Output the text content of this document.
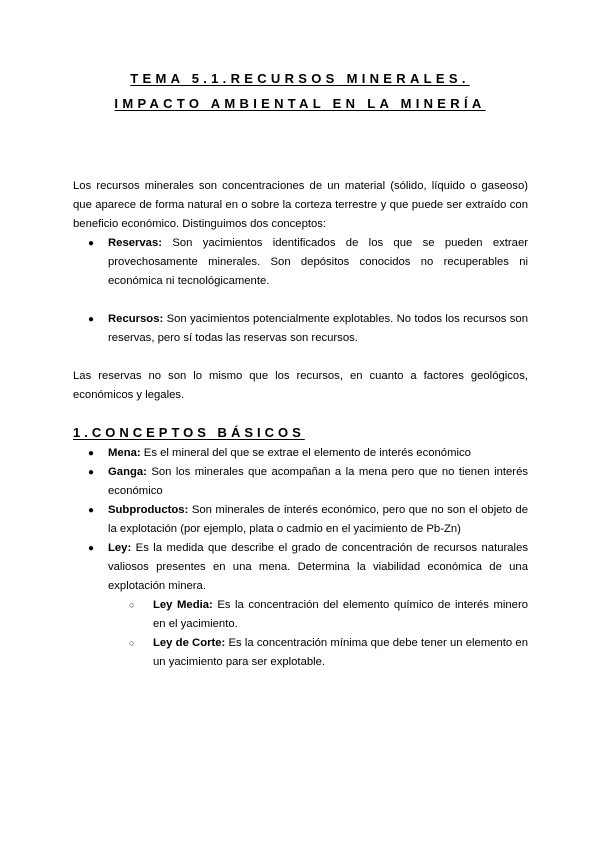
TEMA 5.1.RECURSOS MINERALES.
IMPACTO AMBIENTAL EN LA MINERÍA

Los recursos minerales son concentraciones de un material (sólido, líquido o gaseoso) que aparece de forma natural en o sobre la corteza terrestre y que puede ser extraído con beneficio económico. Distinguimos dos conceptos:

● Reservas: Son yacimientos identificados de los que se pueden extraer provechosamente minerales. Son depósitos conocidos no recuperables ni económica ni tecnológicamente.
● Recursos: Son yacimientos potencialmente explotables. No todos los recursos son reservas, pero sí todas las reservas son recursos.

Las reservas no son lo mismo que los recursos, en cuanto a factores geológicos, económicos y legales.

1.CONCEPTOS BÁSICOS
● Mena: Es el mineral del que se extrae el elemento de interés económico
● Ganga: Son los minerales que acompañan a la mena pero que no tienen interés económico
● Subproductos: Son minerales de interés económico, pero que no son el objeto de la explotación (por ejemplo, plata o cadmio en el yacimiento de Pb-Zn)
● Ley: Es la medida que describe el grado de concentración de recursos naturales valiosos presentes en una mena. Determina la viabilidad económica de una explotación minera.
○ Ley Media: Es la concentración del elemento químico de interés minero en el yacimiento.
○ Ley de Corte: Es la concentración mínima que debe tener un elemento en un yacimiento para ser explotable.
